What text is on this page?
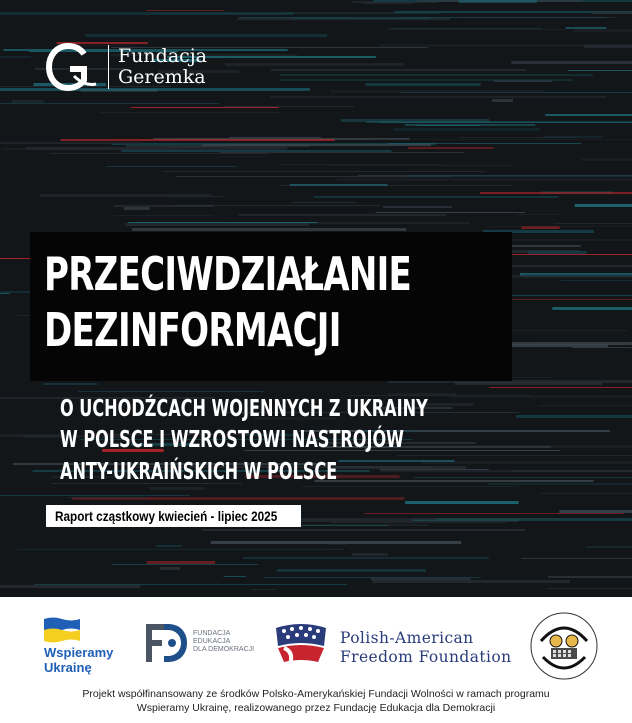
Fundacja
Geremka
PRZECIWDZIAŁANIE
DEZINFORMACJI
O UCHODŹCACH WOJENNYCH Z UKRAINY
W POLSCE I WZROSTOWI NASTROJÓW
ANTY-UKRAIŃSKICH W POLSCE
Raport cząstkowy kwiecień - lipiec 2025
Wspieramy
Ukrainę
FUNDACJA
EDUKACJA
DLA DEMOKRACJI
Polish-American
Freedom Foundation
Projekt współfinansowany ze środków Polsko-Amerykańskiej Fundacji Wolności w ramach programu
Wspieramy Ukrainę, realizowanego przez Fundację Edukacja dla Demokracji
